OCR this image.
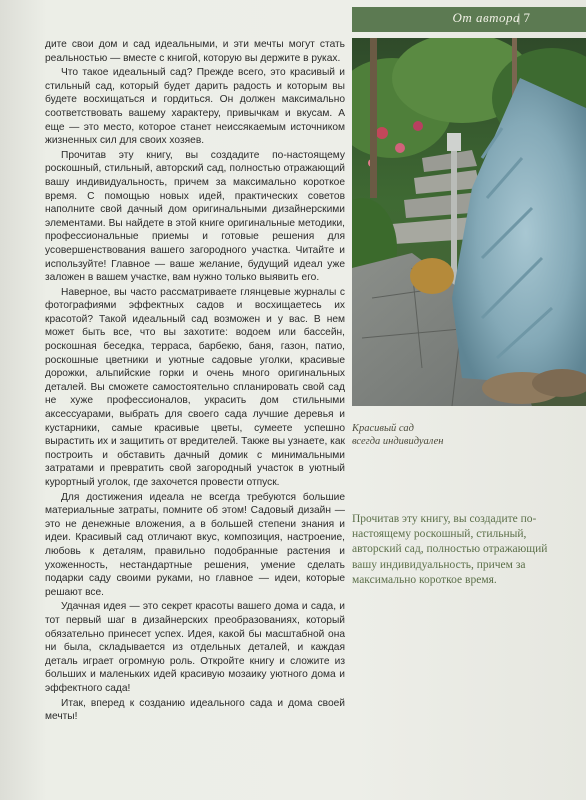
От автора
| 7

дите свои дом и сад идеальными, и эти мечты могут стать реальностью — вместе с книгой, которую вы держите в руках.

Что такое идеальный сад? Прежде всего, это красивый и стильный сад, который будет дарить радость и которым вы будете восхищаться и гордиться. Он должен максимально соответствовать вашему характеру, привычкам и вкусам. А еще — это место, которое станет неиссякаемым источником жизненных сил для своих хозяев.

Прочитав эту книгу, вы создадите по-настоящему роскошный, стильный, авторский сад, полностью отражающий вашу индивидуальность, причем за максимально короткое время. С помощью новых идей, практических советов наполните свой дачный дом оригинальными дизайнерскими элементами. Вы найдете в этой книге оригинальные методики, профессиональные приемы и готовые решения для усовершенствования вашего загородного участка. Читайте и используйте! Главное — ваше желание, будущий идеал уже заложен в вашем участке, вам нужно только выявить его.

Наверное, вы часто рассматриваете глянцевые журналы с фотографиями эффектных садов и восхищаетесь их красотой? Такой идеальный сад возможен и у вас. В нем может быть все, что вы захотите: водоем или бассейн, роскошная беседка, терраса, барбекю, баня, газон, патио, роскошные цветники и уютные садовые уголки, красивые дорожки, альпийские горки и очень много оригинальных деталей. Вы сможете самостоятельно спланировать свой сад не хуже профессионалов, украсить дом стильными аксессуарами, выбрать для своего сада лучшие деревья и кустарники, самые красивые цветы, сумеете успешно вырастить их и защитить от вредителей. Также вы узнаете, как построить и обставить дачный домик с минимальными затратами и превратить свой загородный участок в уютный курортный уголок, где захочется провести отпуск.

Для достижения идеала не всегда требуются большие материальные затраты, помните об этом! Садовый дизайн — это не денежные вложения, а в большей степени знания и идеи. Красивый сад отличают вкус, композиция, настроение, любовь к деталям, правильно подобранные растения и ухоженность, нестандартные решения, умение сделать подарки саду своими руками, но главное — идеи, которые решают все.

Удачная идея — это секрет красоты вашего дома и сада, и тот первый шаг в дизайнерских преобразованиях, который обязательно принесет успех. Идея, какой бы масштабной она ни была, складывается из отдельных деталей, и каждая деталь играет огромную роль. Откройте книгу и сложите из больших и маленьких идей красивую мозаику уютного дома и эффектного сада!

Итак, вперед к созданию идеального сада и дома своей мечты!

Красивый сад
всегда индивидуален
Прочитав эту книгу, вы создадите по-настоящему роскошный, стильный, авторский сад, полностью отражающий вашу индивидуальность, причем за максимально короткое время.
